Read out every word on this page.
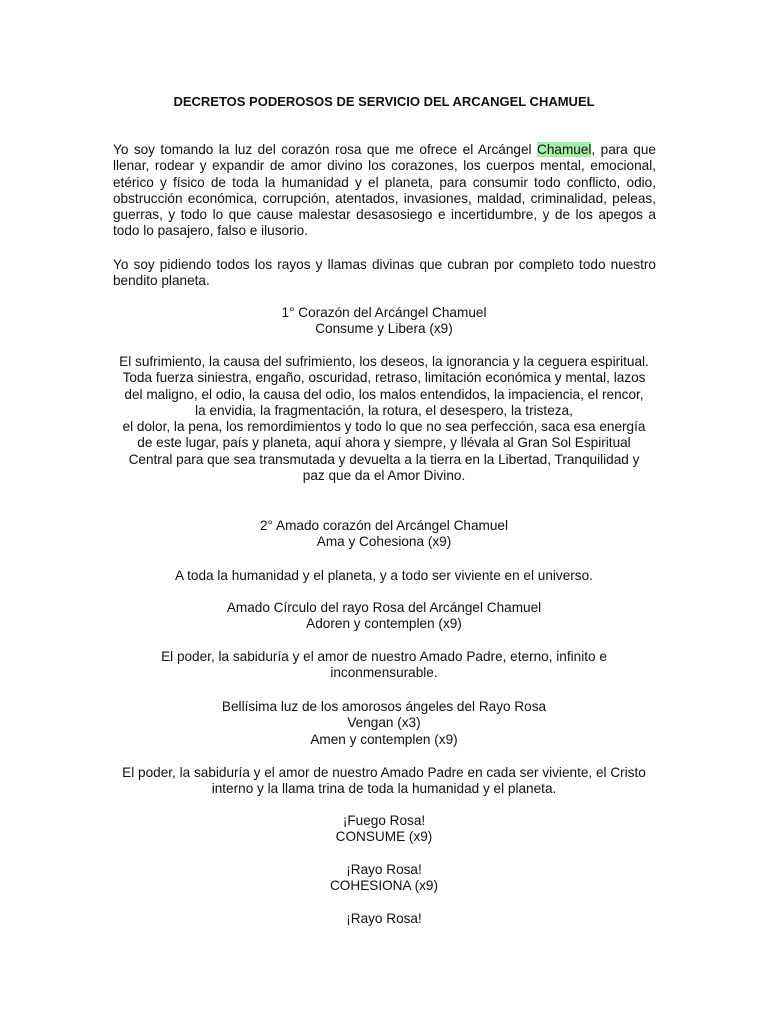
DECRETOS PODEROSOS DE SERVICIO DEL ARCANGEL CHAMUEL
Yo soy tomando la luz del corazón rosa que me ofrece el Arcángel Chamuel, para que
llenar, rodear y expandir de amor divino los corazones, los cuerpos mental, emocional,
etérico y físico de toda la humanidad y el planeta, para consumir todo conflicto, odio,
obstrucción económica, corrupción, atentados, invasiones, maldad, criminalidad, peleas,
guerras, y todo lo que cause malestar desasosiego e incertidumbre, y de los apegos a
todo lo pasajero, falso e ilusorio.
Yo soy pidiendo todos los rayos y llamas divinas que cubran por completo todo nuestro
bendito planeta.
1° Corazón del Arcángel Chamuel
Consume y Libera (x9)
El sufrimiento, la causa del sufrimiento, los deseos, la ignorancia y la ceguera espiritual.
Toda fuerza siniestra, engaño, oscuridad, retraso, limitación económica y mental, lazos
del maligno, el odio, la causa del odio, los malos entendidos, la impaciencia, el rencor,
la envidia, la fragmentación, la rotura, el desespero, la tristeza,
el dolor, la pena, los remordimientos y todo lo que no sea perfección, saca esa energía
de este lugar, país y planeta, aquí ahora y siempre, y llévala al Gran Sol Espiritual
Central para que sea transmutada y devuelta a la tierra en la Libertad, Tranquilidad y
paz que da el Amor Divino.
2° Amado corazón del Arcángel Chamuel
Ama y Cohesiona (x9)
A toda la humanidad y el planeta, y a todo ser viviente en el universo.
Amado Círculo del rayo Rosa del Arcángel Chamuel
Adoren y contemplen (x9)
El poder, la sabiduría y el amor de nuestro Amado Padre, eterno, infinito e
inconmensurable.
Bellísima luz de los amorosos ángeles del Rayo Rosa
Vengan (x3)
Amen y contemplen (x9)
El poder, la sabiduría y el amor de nuestro Amado Padre en cada ser viviente, el Cristo
interno y la llama trina de toda la humanidad y el planeta.
¡Fuego Rosa!
CONSUME (x9)
¡Rayo Rosa!
COHESIONA (x9)
¡Rayo Rosa!
